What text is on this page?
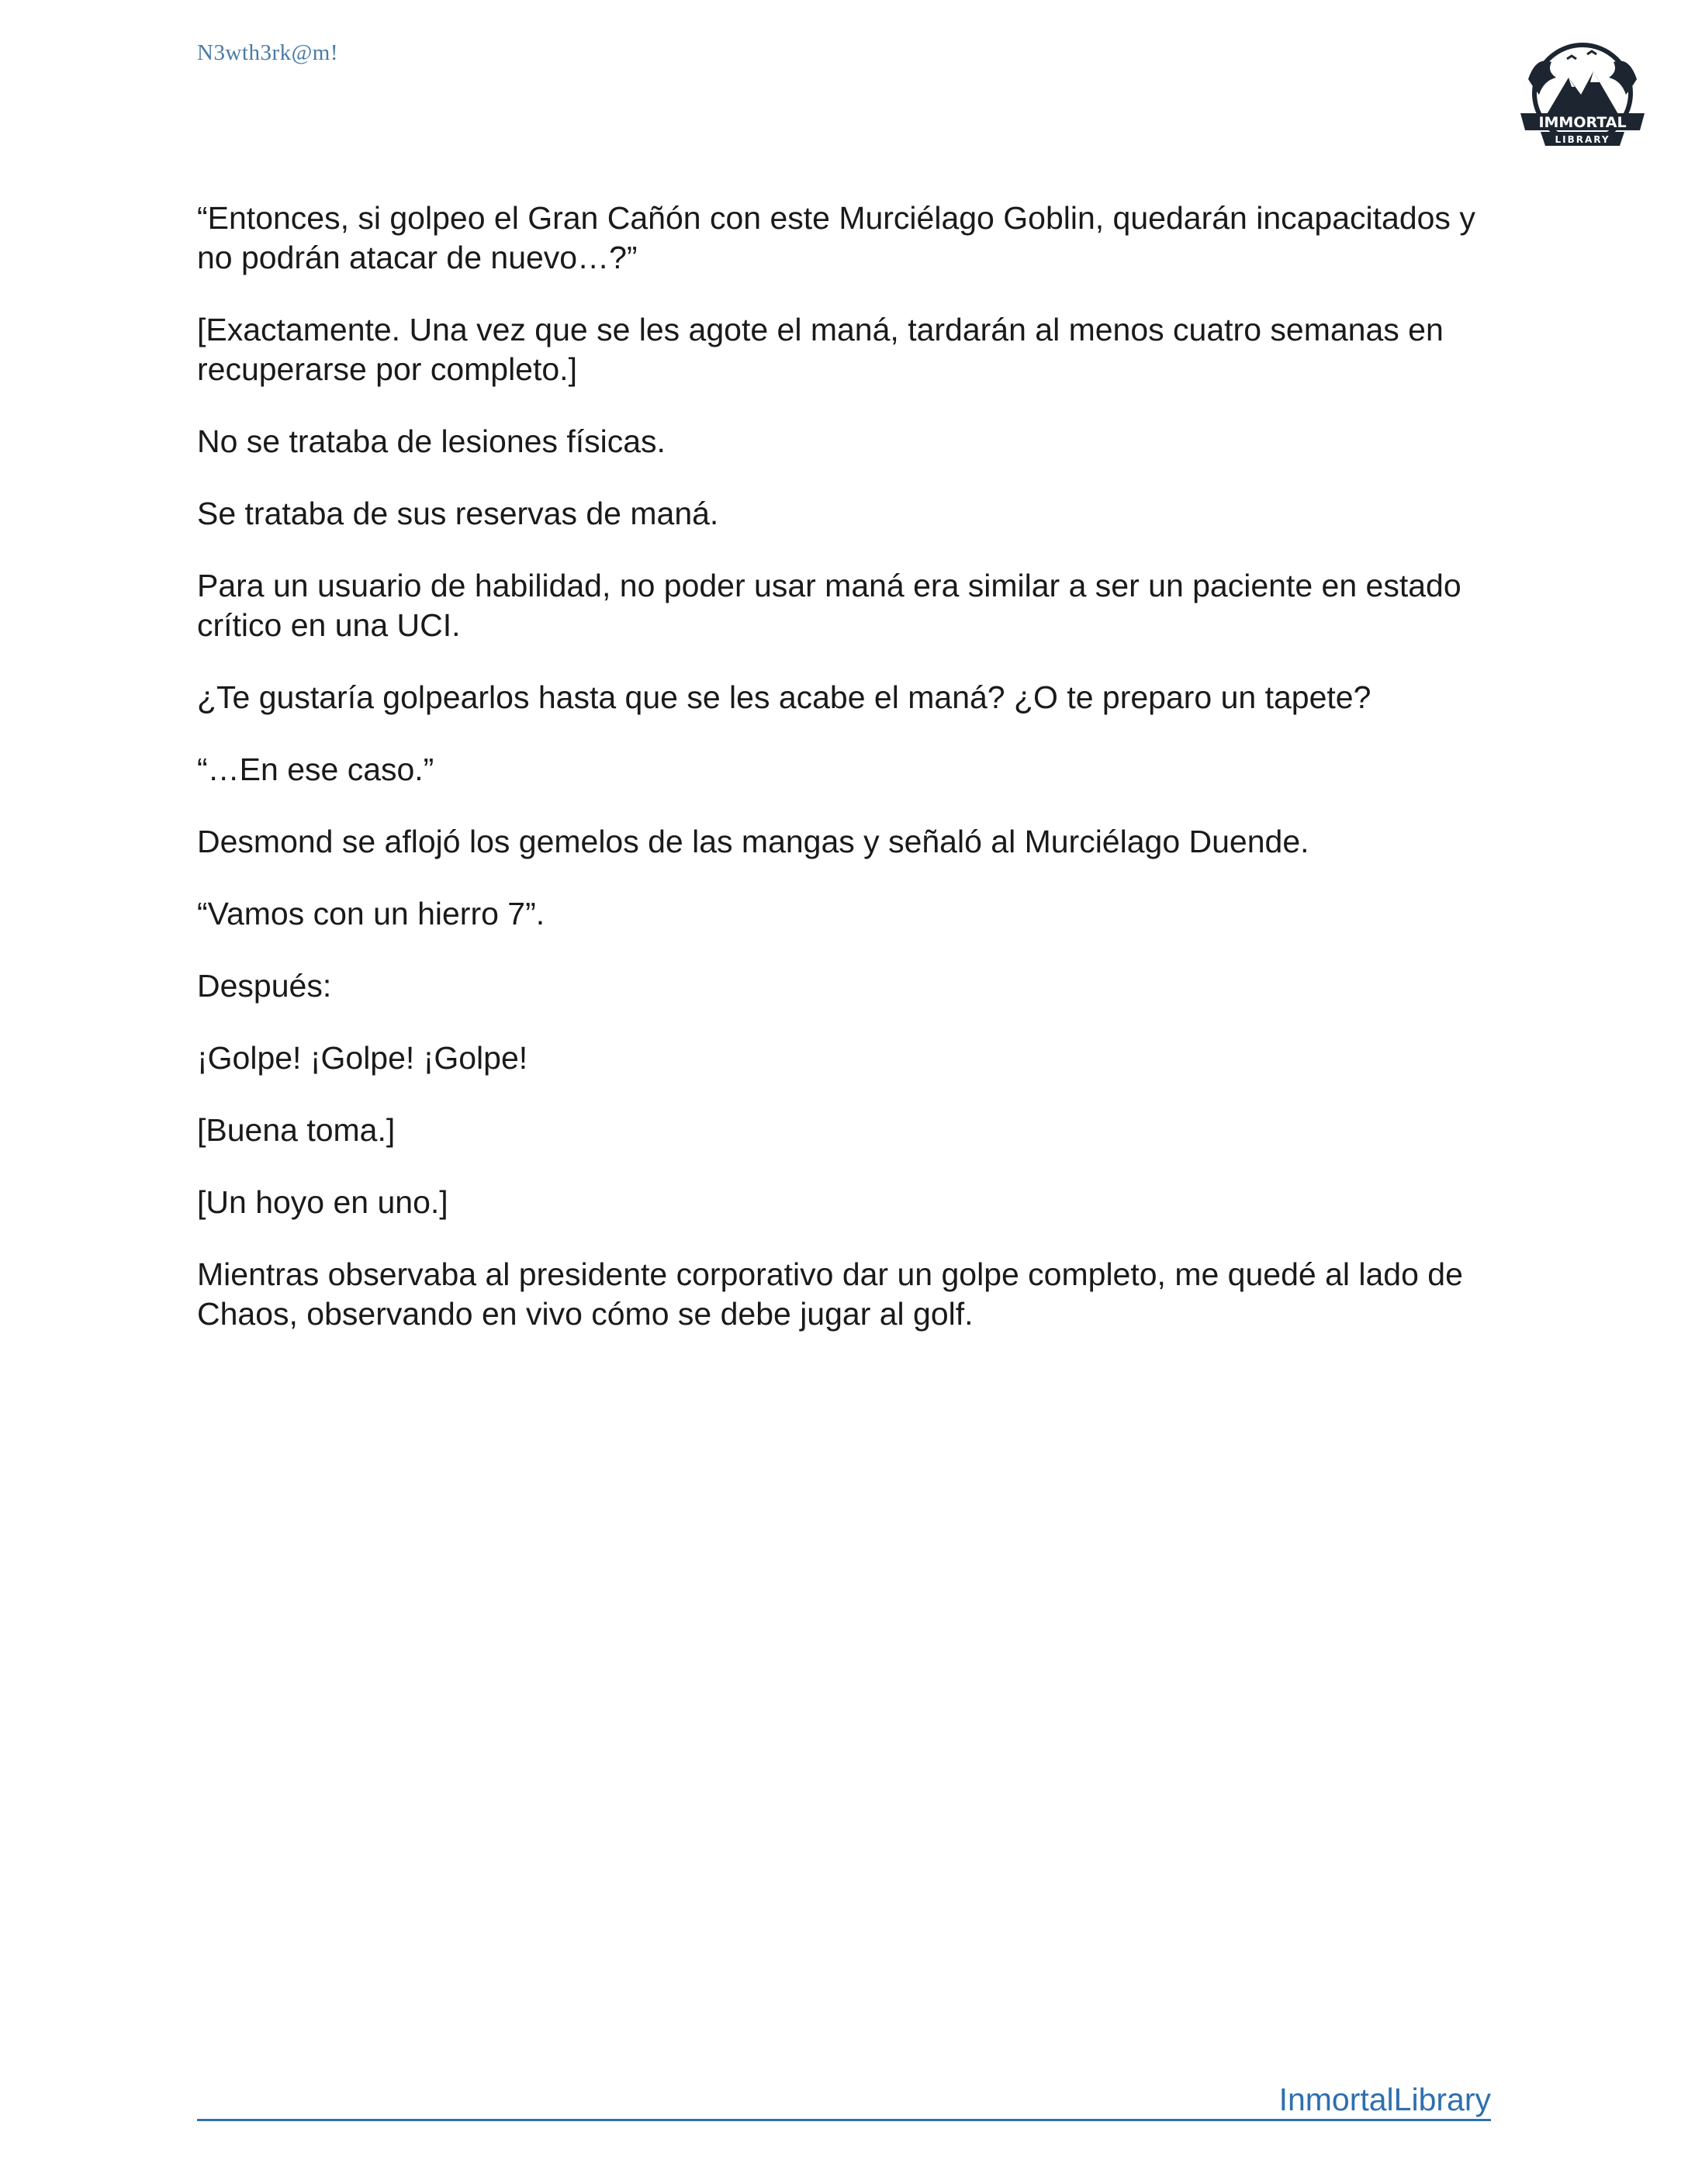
N3wth3rk@m!
IMMORTAL
LIBRARY

“Entonces, si golpeo el Gran Cañón con este Murciélago Goblin, quedarán incapacitados y no podrán atacar de nuevo…?”

[Exactamente. Una vez que se les agote el maná, tardarán al menos cuatro semanas en recuperarse por completo.]

No se trataba de lesiones físicas.

Se trataba de sus reservas de maná.

Para un usuario de habilidad, no poder usar maná era similar a ser un paciente en estado crítico en una UCI.

¿Te gustaría golpearlos hasta que se les acabe el maná? ¿O te preparo un tapete?

“…En ese caso.”

Desmond se aflojó los gemelos de las mangas y señaló al Murciélago Duende.

“Vamos con un hierro 7”.

Después:

¡Golpe! ¡Golpe! ¡Golpe!

[Buena toma.]

[Un hoyo en uno.]

Mientras observaba al presidente corporativo dar un golpe completo, me quedé al lado de Chaos, observando en vivo cómo se debe jugar al golf.

InmortalLibrary
